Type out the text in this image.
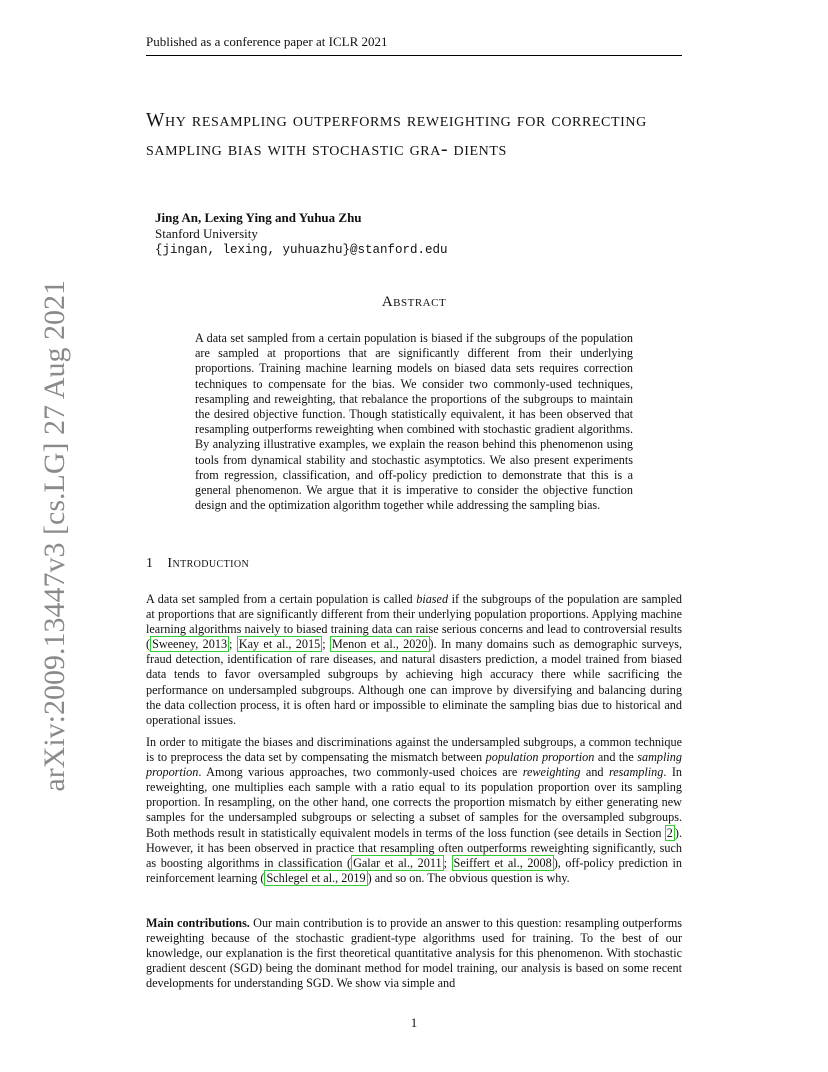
arXiv:2009.13447v3 [cs.LG] 27 Aug 2021
Published as a conference paper at ICLR 2021
Why resampling outperforms reweighting for correcting sampling bias with stochastic gra- dients
Jing An, Lexing Ying and Yuhua Zhu
Stanford University
{jingan, lexing, yuhuazhu}@stanford.edu
Abstract

A data set sampled from a certain population is biased if the subgroups of the population are sampled at proportions that are significantly different from their underlying proportions. Training machine learning models on biased data sets requires correction techniques to compensate for the bias. We consider two commonly-used techniques, resampling and reweighting, that rebalance the proportions of the subgroups to maintain the desired objective function. Though statistically equivalent, it has been observed that resampling outperforms reweighting when combined with stochastic gradient algorithms. By analyzing illustrative examples, we explain the reason behind this phenomenon using tools from dynamical stability and stochastic asymptotics. We also present experiments from regression, classification, and off-policy prediction to demonstrate that this is a general phenomenon. We argue that it is imperative to consider the objective function design and the optimization algorithm together while addressing the sampling bias.

1 Introduction

A data set sampled from a certain population is called biased if the subgroups of the population are sampled at proportions that are significantly different from their underlying population proportions. Applying machine learning algorithms naively to biased training data can raise serious concerns and lead to controversial results ( Sweeney, 2013 ; Kay et al., 2015 ; Menon et al., 2020 ). In many domains such as demographic surveys, fraud detection, identification of rare diseases, and natural disasters prediction, a model trained from biased data tends to favor oversampled subgroups by achieving high accuracy there while sacrificing the performance on undersampled subgroups. Although one can improve by diversifying and balancing during the data collection process, it is often hard or impossible to eliminate the sampling bias due to historical and operational issues.

In order to mitigate the biases and discriminations against the undersampled subgroups, a common technique is to preprocess the data set by compensating the mismatch between population proportion and the sampling proportion. Among various approaches, two commonly-used choices are reweighting and resampling. In reweighting, one multiplies each sample with a ratio equal to its population proportion over its sampling proportion. In resampling, on the other hand, one corrects the proportion mismatch by either generating new samples for the undersampled subgroups or selecting a subset of samples for the oversampled subgroups. Both methods result in statistically equivalent models in terms of the loss function (see details in Section 2 ). However, it has been observed in practice that resampling often outperforms reweighting significantly, such as boosting algorithms in classification ( Galar et al., 2011 ; Seiffert et al., 2008 ), off-policy prediction in reinforcement learning ( Schlegel et al., 2019 ) and so on. The obvious question is why.

Main contributions. Our main contribution is to provide an answer to this question: resampling outperforms reweighting because of the stochastic gradient-type algorithms used for training. To the best of our knowledge, our explanation is the first theoretical quantitative analysis for this phenomenon. With stochastic gradient descent (SGD) being the dominant method for model training, our analysis is based on some recent developments for understanding SGD. We show via simple and

1
